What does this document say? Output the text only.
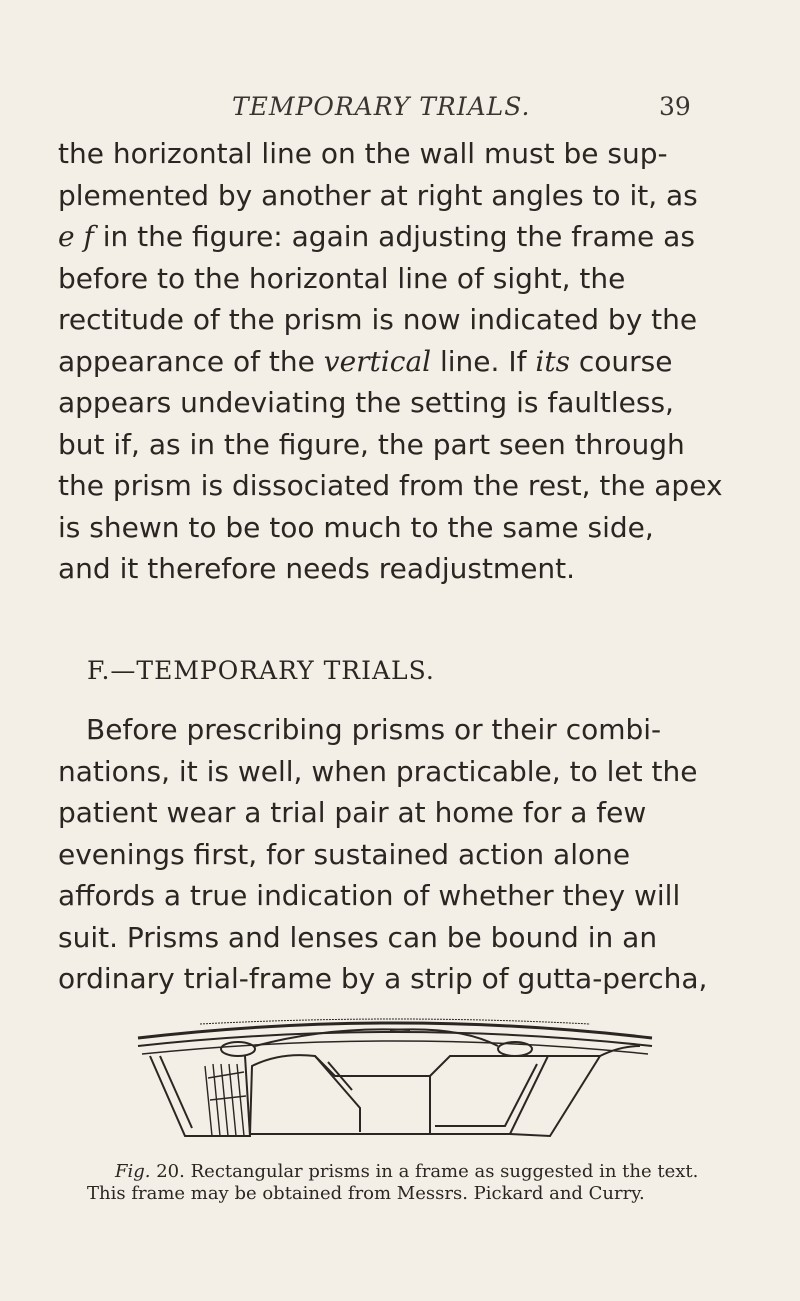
TEMPORARY TRIALS.	39
the horizontal line on the wall must be sup-
plemented by another at right angles to it, as
e f in the figure: again adjusting the frame as
before to the horizontal line of sight, the
rectitude of the prism is now indicated by the
appearance of the vertical line. If its course
appears undeviating the setting is faultless,
but if, as in the figure, the part seen through
the prism is dissociated from the rest, the apex
is shewn to be too much to the same side,
and it therefore needs readjustment.
F.—TEMPORARY TRIALS.
Before prescribing prisms or their combi-
nations, it is well, when practicable, to let the
patient wear a trial pair at home for a few
evenings first, for sustained action alone
affords a true indication of whether they will
suit. Prisms and lenses can be bound in an
ordinary trial-frame by a strip of gutta-percha,
Fig. 20. Rectangular prisms in a frame as suggested in the text.
This frame may be obtained from Messrs. Pickard and Curry.
